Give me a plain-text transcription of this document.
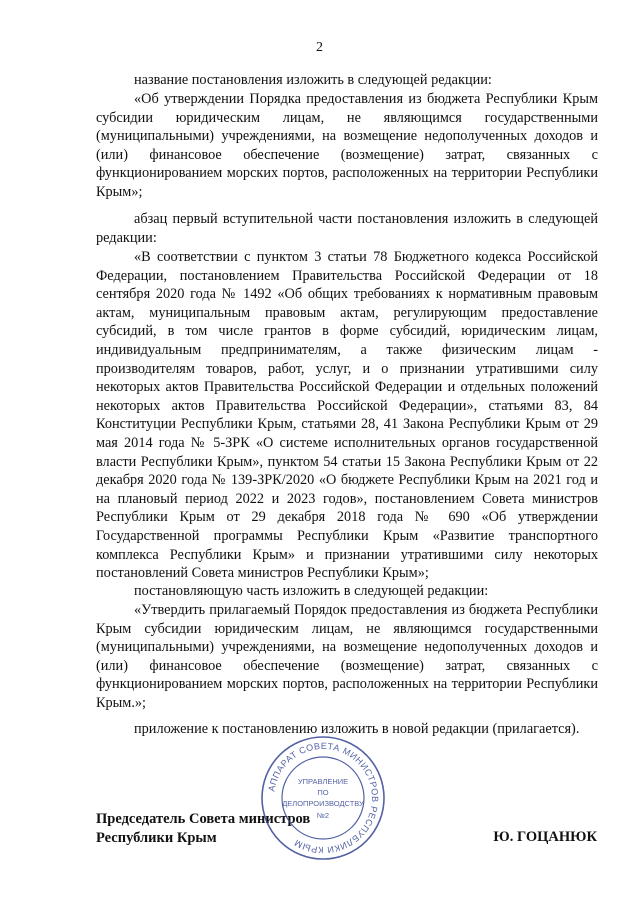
2

название постановления изложить в следующей редакции:

«Об утверждении Порядка предоставления из бюджета Республики Крым субсидии юридическим лицам, не являющимся государственными (муниципальными) учреждениями, на возмещение недополученных доходов и (или) финансовое обеспечение (возмещение) затрат, связанных с функционированием морских портов, расположенных на территории Республики Крым»;

абзац первый вступительной части постановления изложить в следующей редакции:

«В соответствии с пунктом 3 статьи 78 Бюджетного кодекса Российской Федерации, постановлением Правительства Российской Федерации от 18 сентября 2020 года № 1492 «Об общих требованиях к нормативным правовым актам, муниципальным правовым актам, регулирующим предоставление субсидий, в том числе грантов в форме субсидий, юридическим лицам, индивидуальным предпринимателям, а также физическим лицам - производителям товаров, работ, услуг, и о признании утратившими силу некоторых актов Правительства Российской Федерации и отдельных положений некоторых актов Правительства Российской Федерации», статьями 83, 84 Конституции Республики Крым, статьями 28, 41 Закона Республики Крым от 29 мая 2014 года № 5-ЗРК «О системе исполнительных органов государственной власти Республики Крым», пунктом 54 статьи 15 Закона Республики Крым от 22 декабря 2020 года № 139-ЗРК/2020 «О бюджете Республики Крым на 2021 год и на плановый период 2022 и 2023 годов», постановлением Совета министров Республики Крым от 29 декабря 2018 года № 690 «Об утверждении Государственной программы Республики Крым «Развитие транспортного комплекса Республики Крым» и признании утратившими силу некоторых постановлений Совета министров Республики Крым»;

постановляющую часть изложить в следующей редакции:

«Утвердить прилагаемый Порядок предоставления из бюджета Республики Крым субсидии юридическим лицам, не являющимся государственными (муниципальными) учреждениями, на возмещение недополученных доходов и (или) финансовое обеспечение (возмещение) затрат, связанных с функционированием морских портов, расположенных на территории Республики Крым.»;

приложение к постановлению изложить в новой редакции (прилагается).

Председатель Совета министров
Республики Крым	Ю. ГОЦАНЮК
АППАРАТ СОВЕТА МИНИСТРОВ РЕСПУБЛИКИ КРЫМ
УПРАВЛЕНИЕ
ПО
ДЕЛОПРОИЗВОДСТВУ
№2
